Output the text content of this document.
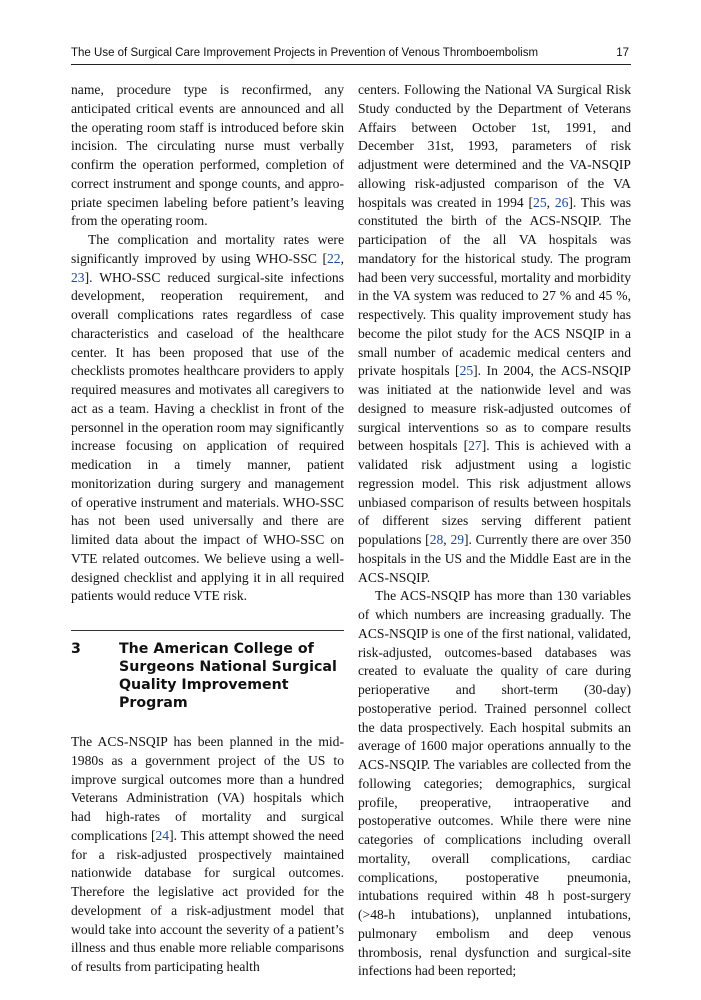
The Use of Surgical Care Improvement Projects in Prevention of Venous Thromboembolism	17

name, procedure type is reconfirmed, any anticipated critical events are announced and all the operating room staff is introduced before skin incision. The circulating nurse must verbally confirm the operation performed, completion of correct instrument and sponge counts, and appropriate specimen labeling before patient’s leaving from the operating room.

The complication and mortality rates were significantly improved by using WHO-SSC [22, 23]. WHO-SSC reduced surgical-site infections development, reoperation requirement, and overall complications rates regardless of case characteristics and caseload of the healthcare center. It has been proposed that use of the checklists promotes healthcare providers to apply required measures and motivates all caregivers to act as a team. Having a checklist in front of the personnel in the operation room may significantly increase focusing on application of required medication in a timely manner, patient monitorization during surgery and management of operative instrument and materials. WHO-SSC has not been used universally and there are limited data about the impact of WHO-SSC on VTE related outcomes. We believe using a well-designed checklist and applying it in all required patients would reduce VTE risk.

3	The American College of Surgeons National Surgical Quality Improvement Program

The ACS-NSQIP has been planned in the mid-1980s as a government project of the US to improve surgical outcomes more than a hundred Veterans Administration (VA) hospitals which had high-rates of mortality and surgical complications [24]. This attempt showed the need for a risk-adjusted prospectively maintained nationwide database for surgical outcomes. Therefore the legislative act provided for the development of a risk-adjustment model that would take into account the severity of a patient’s illness and thus enable more reliable comparisons of results from participating health

centers. Following the National VA Surgical Risk Study conducted by the Department of Veterans Affairs between October 1st, 1991, and December 31st, 1993, parameters of risk adjustment were determined and the VA-NSQIP allowing risk-adjusted comparison of the VA hospitals was created in 1994 [25, 26]. This was constituted the birth of the ACS-NSQIP. The participation of the all VA hospitals was mandatory for the historical study. The program had been very successful, mortality and morbidity in the VA system was reduced to 27 % and 45 %, respectively. This quality improvement study has become the pilot study for the ACS NSQIP in a small number of academic medical centers and private hospitals [25]. In 2004, the ACS-NSQIP was initiated at the nationwide level and was designed to measure risk-adjusted outcomes of surgical interventions so as to compare results between hospitals [27]. This is achieved with a validated risk adjustment using a logistic regression model. This risk adjustment allows unbiased comparison of results between hospitals of different sizes serving different patient populations [28, 29]. Currently there are over 350 hospitals in the US and the Middle East are in the ACS-NSQIP.

The ACS-NSQIP has more than 130 variables of which numbers are increasing gradually. The ACS-NSQIP is one of the first national, validated, risk-adjusted, outcomes-based databases was created to evaluate the quality of care during perioperative and short-term (30-day) postoperative period. Trained personnel collect the data prospectively. Each hospital submits an average of 1600 major operations annually to the ACS-NSQIP. The variables are collected from the following categories; demographics, surgical profile, preoperative, intraoperative and postoperative outcomes. While there were nine categories of complications including overall mortality, overall complications, cardiac complications, postoperative pneumonia, intubations required within 48 h post-surgery (>48-h intubations), unplanned intubations, pulmonary embolism and deep venous thrombosis, renal dysfunction and surgical-site infections had been reported;
